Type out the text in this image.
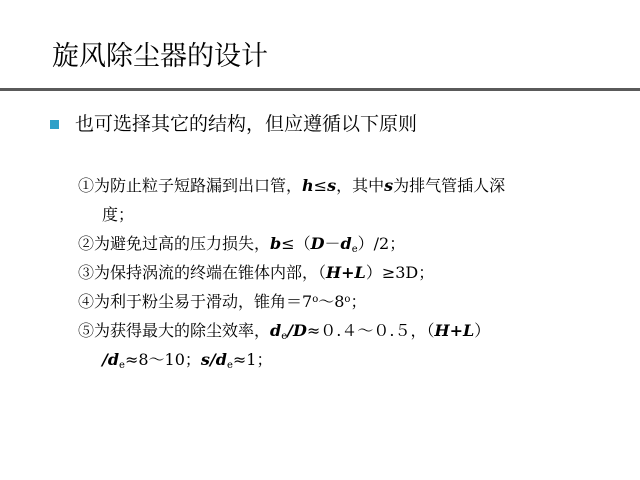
旋风除尘器的设计
也可选择其它的结构，但应遵循以下原则
①为防止粒子短路漏到出口管，h≤s，其中s为排气管插人深
度；
②为避免过高的压力损失，$b\le(D-d_e)/2$；
③为保持涡流的终端在锥体内部，（H+L）≥3D；
④为利于粉尘易于滑动，锥角$=7^o\sim 8^o$；
⑤为获得最大的除尘效率，$d_e/D\approx 0.4\sim 0.5$，（H+L）
$/d_e\approx 8\sim 10$；$s/d_e\approx 1$；
